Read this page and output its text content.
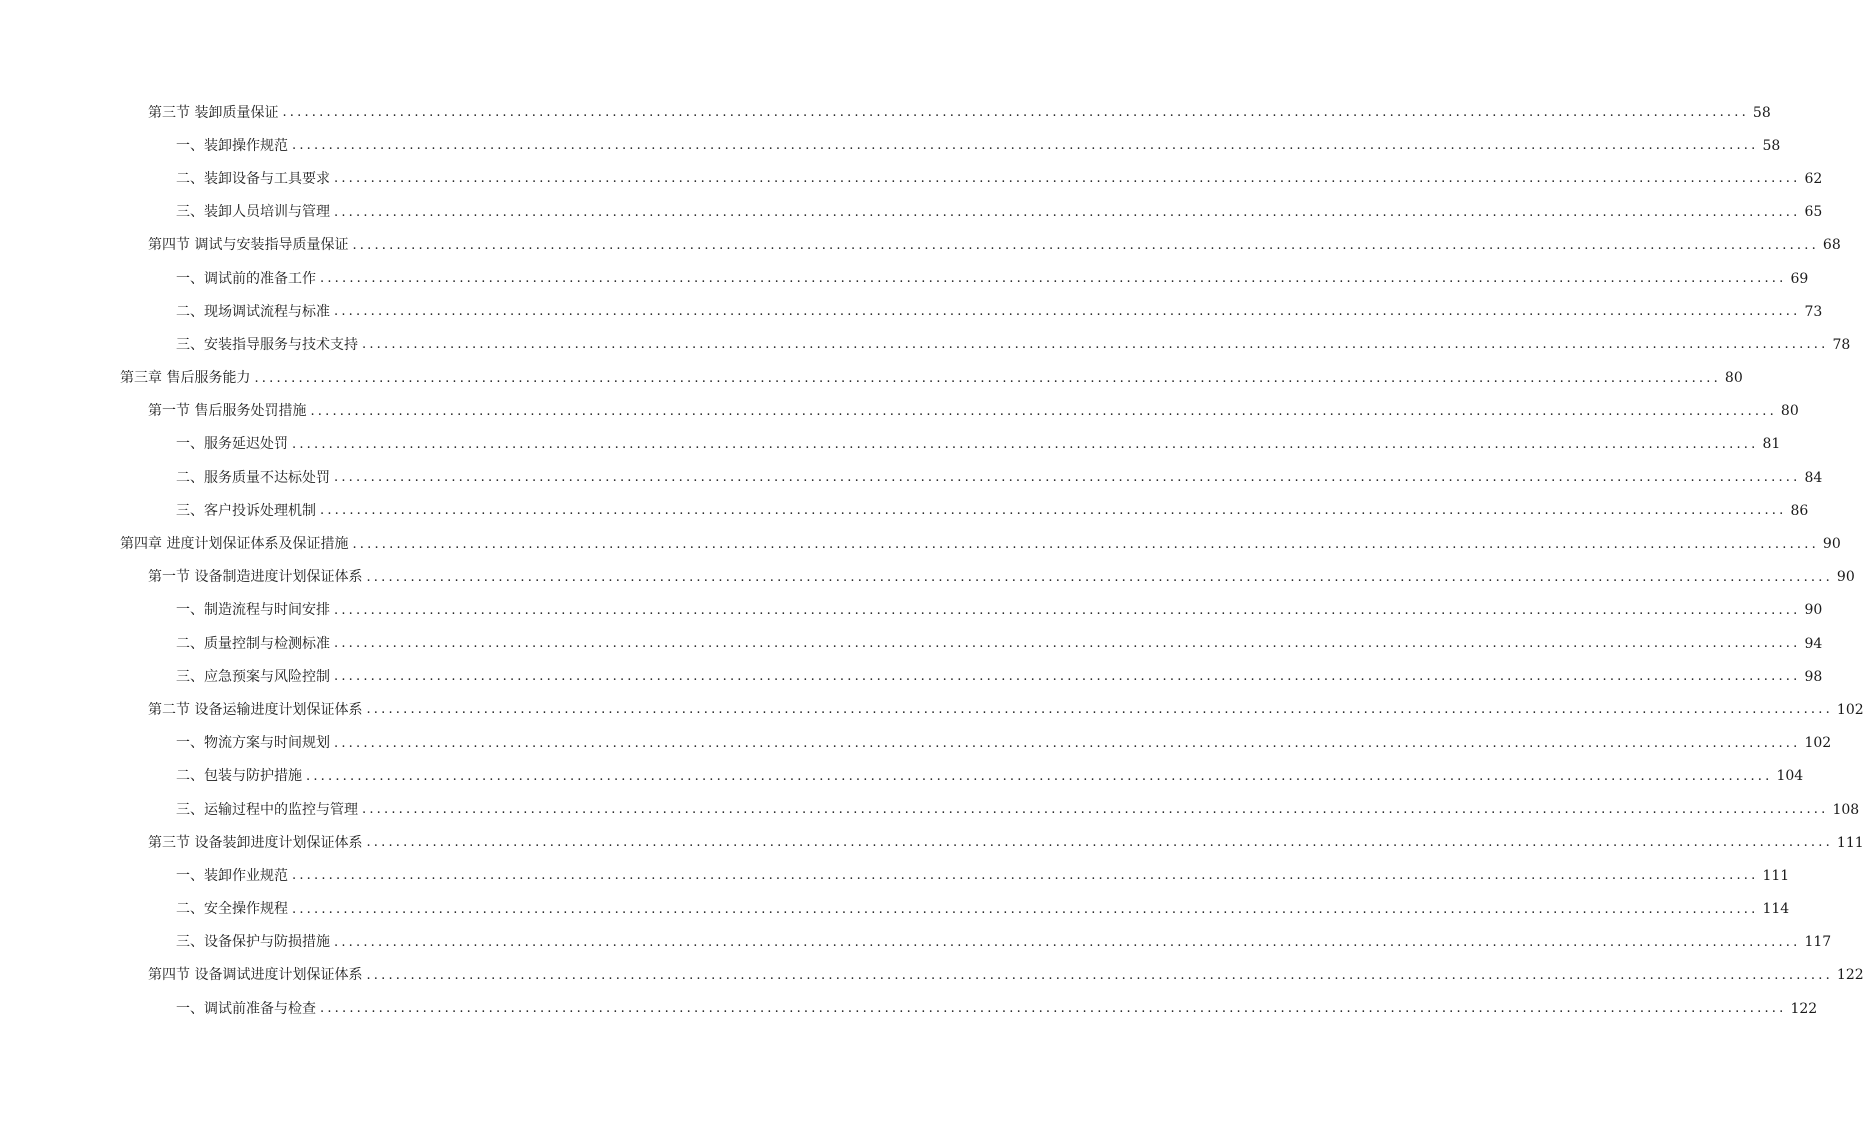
第三节 装卸质量保证 ........................................................................................................................................................................................................ 58
一、装卸操作规范 ........................................................................................................................................................................................................ 58
二、装卸设备与工具要求 ........................................................................................................................................................................................................ 62
三、装卸人员培训与管理 ........................................................................................................................................................................................................ 65
第四节 调试与安装指导质量保证 ........................................................................................................................................................................................................ 68
一、调试前的准备工作 ........................................................................................................................................................................................................ 69
二、现场调试流程与标准 ........................................................................................................................................................................................................ 73
三、安装指导服务与技术支持 ........................................................................................................................................................................................................ 78
第三章 售后服务能力 ........................................................................................................................................................................................................ 80
第一节 售后服务处罚措施 ........................................................................................................................................................................................................ 80
一、服务延迟处罚 ........................................................................................................................................................................................................ 81
二、服务质量不达标处罚 ........................................................................................................................................................................................................ 84
三、客户投诉处理机制 ........................................................................................................................................................................................................ 86
第四章 进度计划保证体系及保证措施 ........................................................................................................................................................................................................ 90
第一节 设备制造进度计划保证体系 ........................................................................................................................................................................................................ 90
一、制造流程与时间安排 ........................................................................................................................................................................................................ 90
二、质量控制与检测标准 ........................................................................................................................................................................................................ 94
三、应急预案与风险控制 ........................................................................................................................................................................................................ 98
第二节 设备运输进度计划保证体系 ........................................................................................................................................................................................................ 102
一、物流方案与时间规划 ........................................................................................................................................................................................................ 102
二、包装与防护措施 ........................................................................................................................................................................................................ 104
三、运输过程中的监控与管理 ........................................................................................................................................................................................................ 108
第三节 设备装卸进度计划保证体系 ........................................................................................................................................................................................................ 111
一、装卸作业规范 ........................................................................................................................................................................................................ 111
二、安全操作规程 ........................................................................................................................................................................................................ 114
三、设备保护与防损措施 ........................................................................................................................................................................................................ 117
第四节 设备调试进度计划保证体系 ........................................................................................................................................................................................................ 122
一、调试前准备与检查 ........................................................................................................................................................................................................ 122
